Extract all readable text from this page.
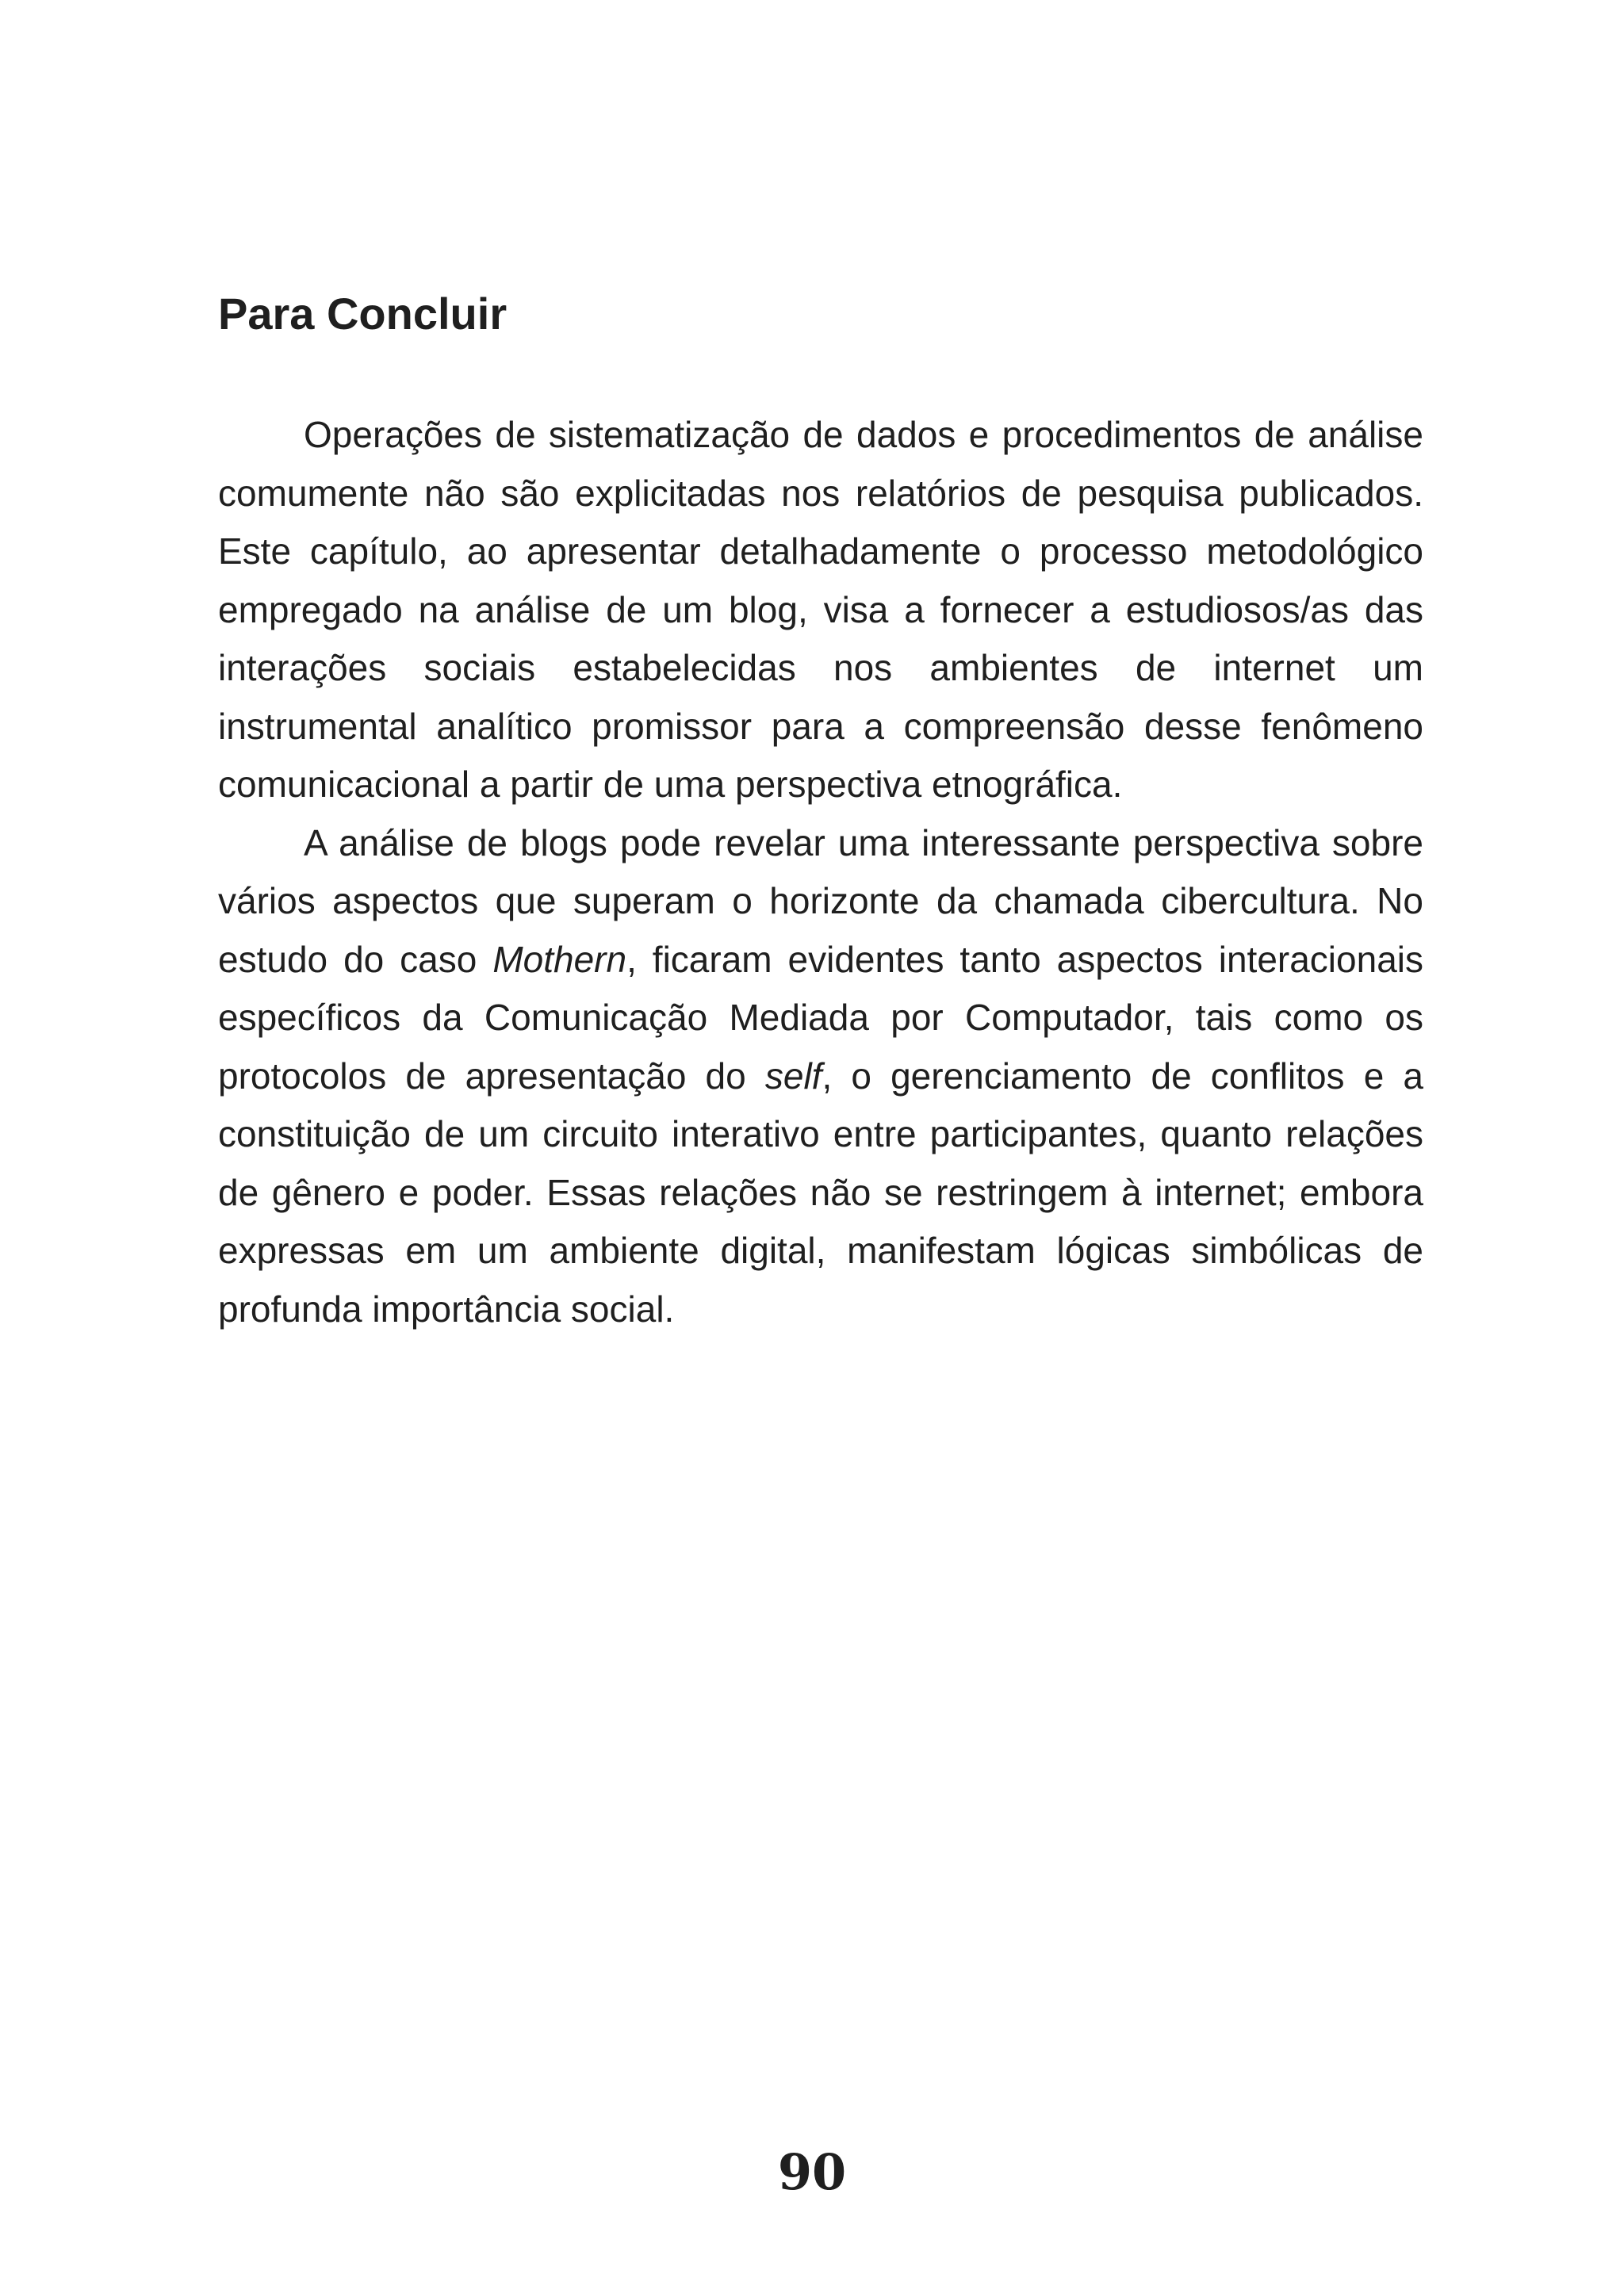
Para Concluir

Operações de sistematização de dados e procedimentos de análise comumente não são explicitadas nos relatórios de pesquisa publicados. Este capítulo, ao apresentar detalhadamente o processo metodológico empregado na análise de um blog, visa a fornecer a estudiosos/as das interações sociais estabelecidas nos ambientes de internet um instrumental analítico promissor para a compreensão desse fenômeno comunicacional a partir de uma perspectiva etnográfica.

A análise de blogs pode revelar uma interessante perspectiva sobre vários aspectos que superam o horizonte da chamada cibercultura. No estudo do caso Mothern, ficaram evidentes tanto aspectos interacionais específicos da Comunicação Mediada por Computador, tais como os protocolos de apresentação do self, o gerenciamento de conflitos e a constituição de um circuito interativo entre participantes, quanto relações de gênero e poder. Essas relações não se restringem à internet; embora expressas em um ambiente digital, manifestam lógicas simbólicas de profunda importância social.

90
